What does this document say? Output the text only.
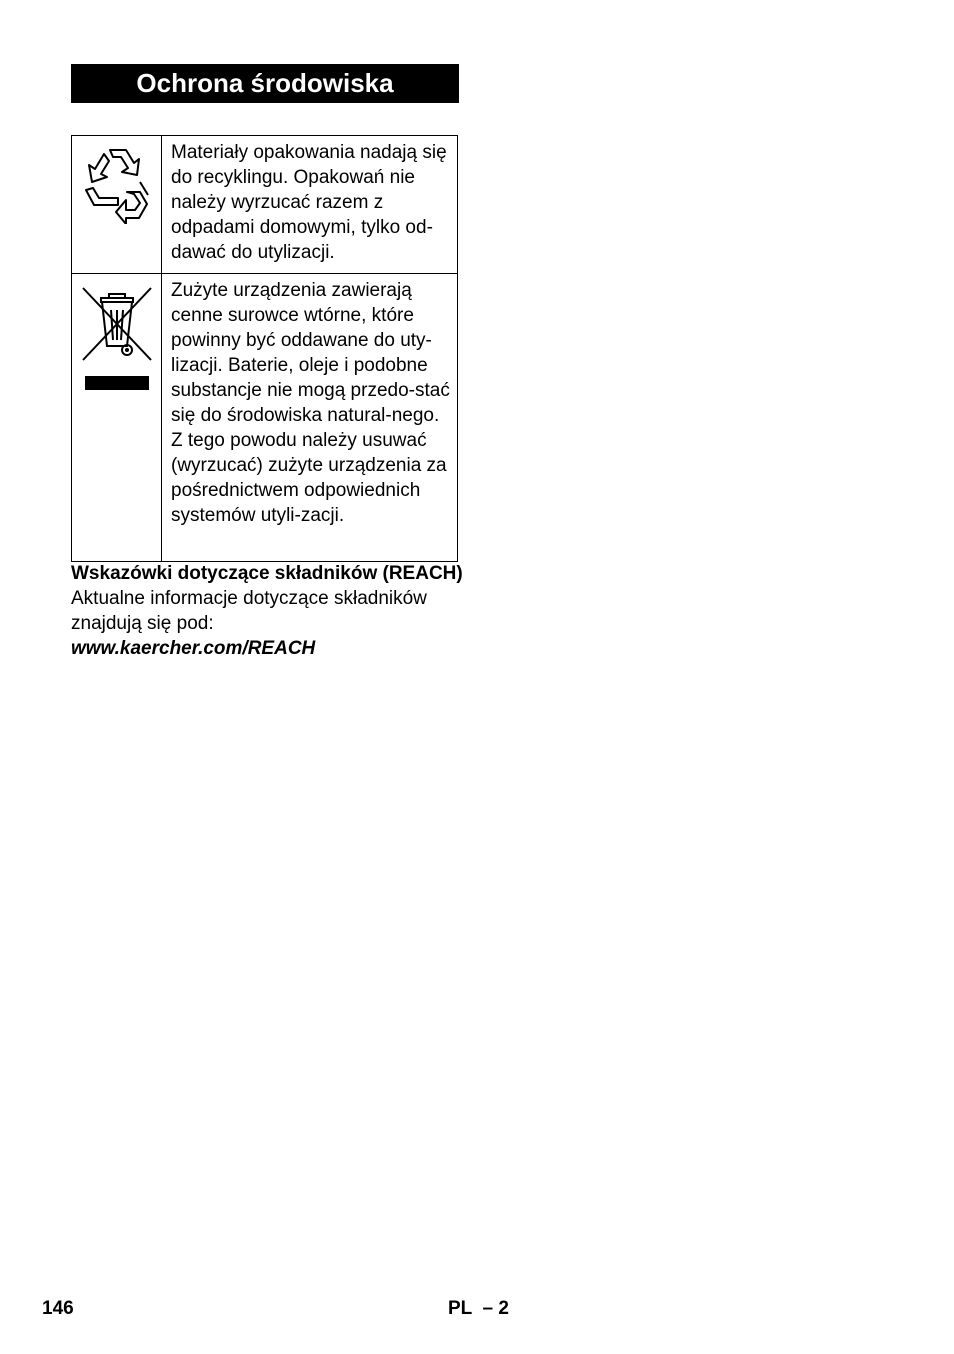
Ochrona środowiska
	Materiały opakowania nadają się do recyklingu. Opakowań nie należy wyrzucać razem z odpadami domowymi, tylko od-dawać do utylizacji.

	Zużyte urządzenia zawierają cenne surowce wtórne, które powinny być oddawane do uty-lizacji. Baterie, oleje i podobne substancje nie mogą przedo-stać się do środowiska natural-nego. Z tego powodu należy usuwać (wyrzucać) zużyte urządzenia za pośrednictwem odpowiednich systemów utyli-zacji.
Wskazówki dotyczące składników (REACH)
Aktualne informacje dotyczące składników znajdują się pod:
www.kaercher.com/REACH
146	PL  – 2
